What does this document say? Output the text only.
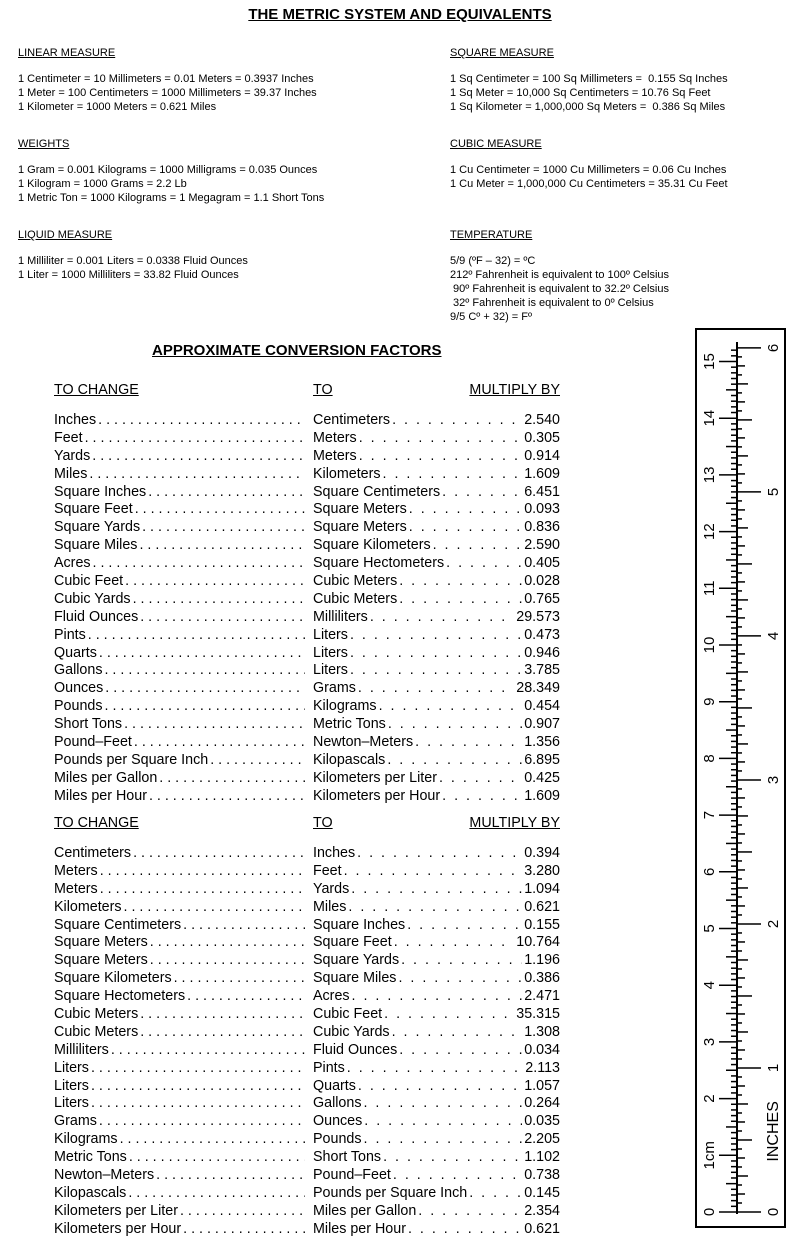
THE METRIC SYSTEM AND EQUIVALENTS
LINEAR MEASURE
1 Centimeter = 10 Millimeters = 0.01 Meters = 0.3937 Inches
1 Meter = 100 Centimeters = 1000 Millimeters = 39.37 Inches
1 Kilometer = 1000 Meters = 0.621 Miles
SQUARE MEASURE
1 Sq Centimeter = 100 Sq Millimeters =  0.155 Sq Inches
1 Sq Meter = 10,000 Sq Centimeters = 10.76 Sq Feet
1 Sq Kilometer = 1,000,000 Sq Meters =  0.386 Sq Miles
WEIGHTS
1 Gram = 0.001 Kilograms = 1000 Milligrams = 0.035 Ounces
1 Kilogram = 1000 Grams = 2.2 Lb
1 Metric Ton = 1000 Kilograms = 1 Megagram = 1.1 Short Tons
CUBIC MEASURE
1 Cu Centimeter = 1000 Cu Millimeters = 0.06 Cu Inches
1 Cu Meter = 1,000,000 Cu Centimeters = 35.31 Cu Feet
LIQUID MEASURE
1 Milliliter = 0.001 Liters = 0.0338 Fluid Ounces
1 Liter = 1000 Milliliters = 33.82 Fluid Ounces
TEMPERATURE
5/9 (ºF – 32) = ºC
212º Fahrenheit is equivalent to 100º Celsius
90º Fahrenheit is equivalent to 32.2º Celsius
32º Fahrenheit is equivalent to 0º Celsius
9/5 Cº + 32) = Fº
APPROXIMATE CONVERSION FACTORS
TO CHANGE	TO	MULTIPLY BY
Inches . . .	Centimeters . . .	2.540
Feet . . .	Meters . . .	0.305
Yards . . .	Meters . . .	0.914
Miles . . .	Kilometers . . .	1.609
Square Inches . . .	Square Centimeters . . .	6.451
Square Feet . . .	Square Meters . . .	0.093
Square Yards . . .	Square Meters . . .	0.836
Square Miles . . .	Square Kilometers . . .	2.590
Acres . . .	Square Hectometers . . .	0.405
Cubic Feet . . .	Cubic Meters . . .	0.028
Cubic Yards . . .	Cubic Meters . . .	0.765
Fluid Ounces . . .	Milliliters . . .	29.573
Pints . . .	Liters . . .	0.473
Quarts . . .	Liters . . .	0.946
Gallons . . .	Liters . . .	3.785
Ounces . . .	Grams . . .	28.349
Pounds . . .	Kilograms . . .	0.454
Short Tons . . .	Metric Tons . . .	0.907
Pound–Feet . . .	Newton–Meters . . .	1.356
Pounds per Square Inch . . .	Kilopascals . . .	6.895
Miles per Gallon . . .	Kilometers per Liter . . .	0.425
Miles per Hour . . .	Kilometers per Hour . . .	1.609
TO CHANGE	TO	MULTIPLY BY
Centimeters . . .	Inches . . .	0.394
Meters . . .	Feet . . .	3.280
Meters . . .	Yards . . .	1.094
Kilometers . . .	Miles . . .	0.621
Square Centimeters . . .	Square Inches . . .	0.155
Square Meters . . .	Square Feet . . .	10.764
Square Meters . . .	Square Yards . . .	1.196
Square Kilometers . . .	Square Miles . . .	0.386
Square Hectometers . . .	Acres . . .	2.471
Cubic Meters . . .	Cubic Feet . . .	35.315
Cubic Meters . . .	Cubic Yards . . .	1.308
Milliliters . . .	Fluid Ounces . . .	0.034
Liters . . .	Pints . . .	2.113
Liters . . .	Quarts . . .	1.057
Liters . . .	Gallons . . .	0.264
Grams . . .	Ounces . . .	0.035
Kilograms . . .	Pounds . . .	2.205
Metric Tons . . .	Short Tons . . .	1.102
Newton–Meters . . .	Pound–Feet . . .	0.738
Kilopascals . . .	Pounds per Square Inch . . .	0.145
Kilometers per Liter . . .	Miles per Gallon . . .	2.354
Kilometers per Hour . . .	Miles per Hour . . .	0.621
0
1cm
2
3
4
5
6
7
8
9
10
11
12
13
14
15
0
1
2
3
4
5
6
INCHES
